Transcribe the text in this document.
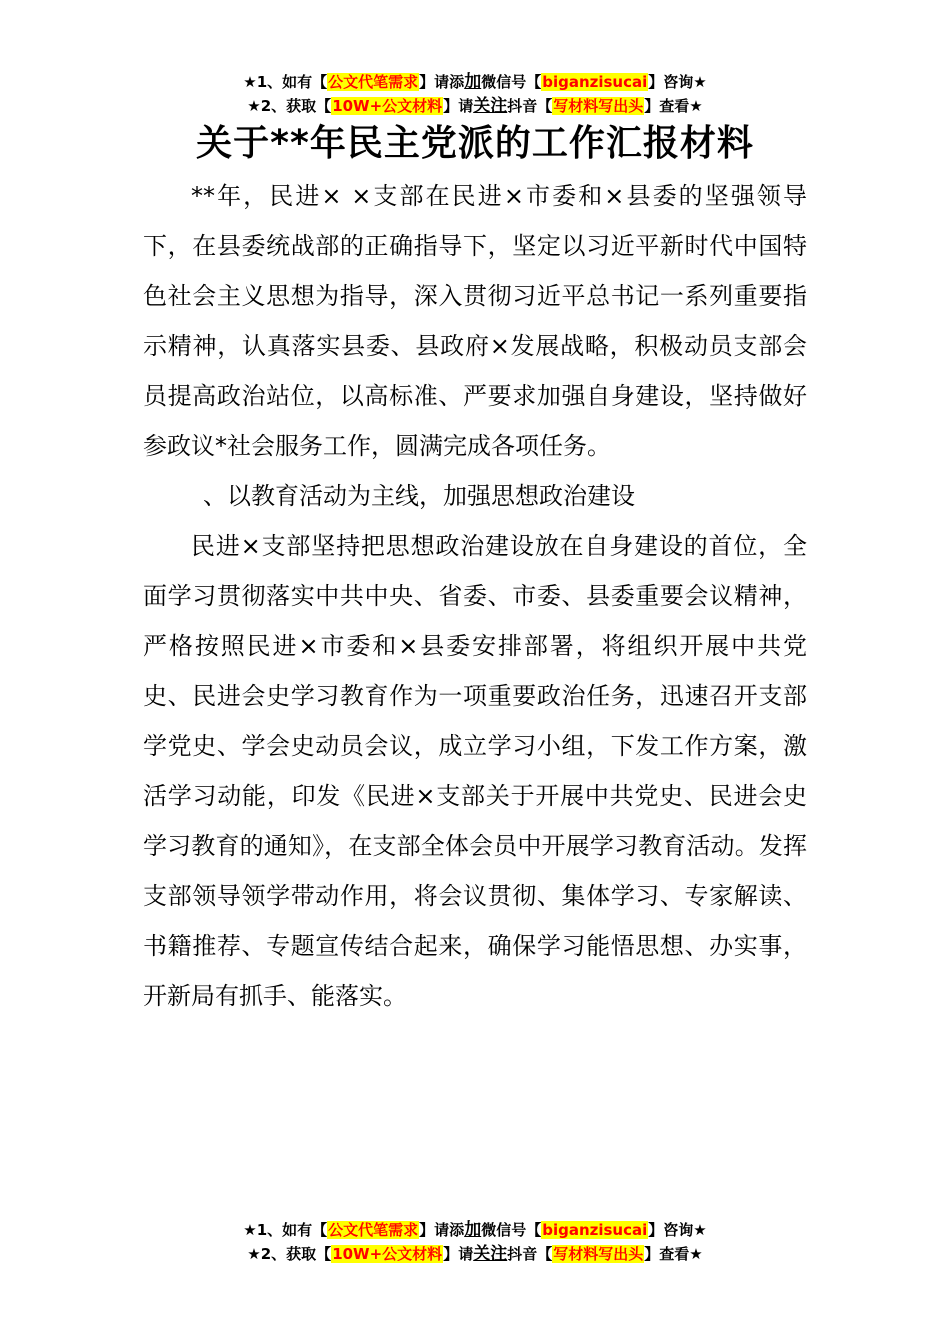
★1、如有【公文代笔需求】请添加微信号【biganzisucai】咨询★
★2、获取【10W+公文材料】请关注抖音【写材料写出头】查看★
关于**年民主党派的工作汇报材料

**年，民进× ×支部在民进×市委和×县委的坚强领导下，在县委统战部的正确指导下，坚定以习近平新时代中国特色社会主义思想为指导，深入贯彻习近平总书记一系列重要指示精神，认真落实县委、县政府×发展战略，积极动员支部会员提高政治站位，以高标准、严要求加强自身建设，坚持做好参政议*社会服务工作，圆满完成各项任务。

、以教育活动为主线，加强思想政治建设

民进×支部坚持把思想政治建设放在自身建设的首位，全面学习贯彻落实中共中央、省委、市委、县委重要会议精神，严格按照民进×市委和×县委安排部署，将组织开展中共党史、民进会史学习教育作为一项重要政治任务，迅速召开支部学党史、学会史动员会议，成立学习小组，下发工作方案，激活学习动能，印发《民进×支部关于开展中共党史、民进会史学习教育的通知》，在支部全体会员中开展学习教育活动。发挥支部领导领学带动作用，将会议贯彻、集体学习、专家解读、书籍推荐、专题宣传结合起来，确保学习能悟思想、办实事，开新局有抓手、能落实。

★1、如有【公文代笔需求】请添加微信号【biganzisucai】咨询★
★2、获取【10W+公文材料】请关注抖音【写材料写出头】查看★
